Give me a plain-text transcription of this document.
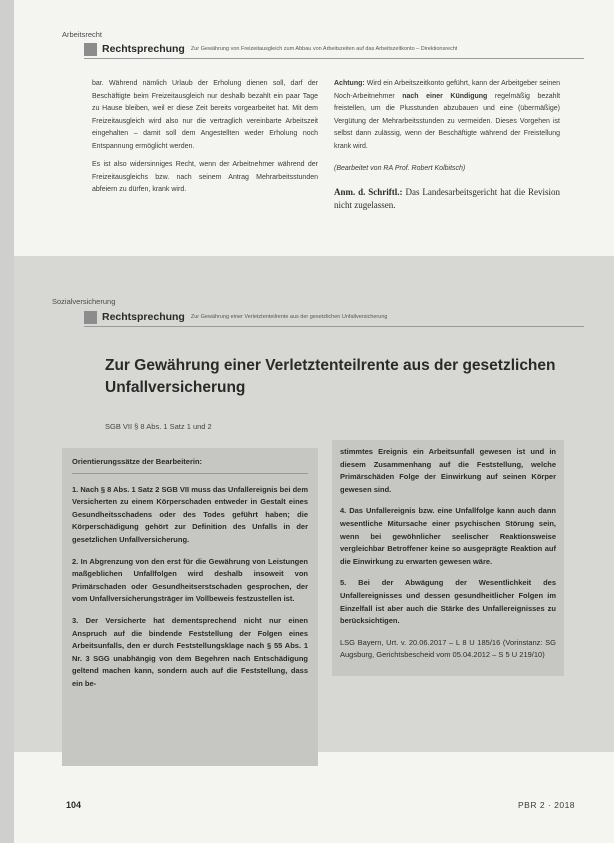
Arbeitsrecht
Rechtsprechung Zur Gewährung von Freizeitausgleich zum Abbau von Arbeitszeiten auf das Arbeitszeitkonto – Direktionsrecht

bar. Während nämlich Urlaub der Erholung dienen soll, darf der Beschäftigte beim Freizeitausgleich nur deshalb bezahlt ein paar Tage zu Hause bleiben, weil er diese Zeit bereits vorgearbeitet hat. Mit dem Freizeitausgleich wird also nur die vertraglich vereinbarte Arbeitszeit eingehalten – damit soll dem Angestellten weder Erholung noch Entspannung ermöglicht werden.

Es ist also widersinniges Recht, wenn der Arbeitnehmer während der Freizeitausgleichs bzw. nach seinem Antrag Mehrarbeitsstunden abfeiern zu dürfen, krank wird.

Achtung: Wird ein Arbeitszeitkonto geführt, kann der Arbeitgeber seinen Noch-Arbeitnehmer nach einer Kündigung regelmäßig bezahlt freistellen, um die Plusstunden abzubauen und eine (übermäßige) Vergütung der Mehrarbeitsstunden zu vermeiden. Dieses Vorgehen ist selbst dann zulässig, wenn der Beschäftigte während der Freistellung krank wird.

(Bearbeitet von RA Prof. Robert Kolbitsch)

Anm. d. Schriftl.: Das Landesarbeitsgericht hat die Revision nicht zugelassen.

Sozialversicherung
Rechtsprechung Zur Gewährung einer Verletztenteilrente aus der gesetzlichen Unfallversicherung
Zur Gewährung einer Verletztenteilrente aus der gesetzlichen Unfallversicherung
SGB VII § 8 Abs. 1 Satz 1 und 2
Orientierungssätze der Bearbeiterin:

1. Nach § 8 Abs. 1 Satz 2 SGB VII muss das Unfallereignis bei dem Versicherten zu einem Körperschaden entweder in Gestalt eines Gesundheitsschadens oder des Todes geführt haben; die Körperschädigung gehört zur Definition des Unfalls in der gesetzlichen Unfallversicherung.

2. In Abgrenzung von den erst für die Gewährung von Leistungen maßgeblichen Unfallfolgen wird deshalb insoweit von Primärschaden oder Gesundheitserstschaden gesprochen, der vom Unfallversicherungsträger im Vollbeweis festzustellen ist.

3. Der Versicherte hat dementsprechend nicht nur einen Anspruch auf die bindende Feststellung der Folgen eines Arbeitsunfalls, den er durch Feststellungsklage nach § 55 Abs. 1 Nr. 3 SGG unabhängig von dem Begehren nach Entschädigung geltend machen kann, sondern auch auf die Feststellung, dass ein be-

stimmtes Ereignis ein Arbeitsunfall gewesen ist und in diesem Zusammenhang auf die Feststellung, welche Primärschäden Folge der Einwirkung auf seinen Körper gewesen sind.

4. Das Unfallereignis bzw. eine Unfallfolge kann auch dann wesentliche Mitursache einer psychischen Störung sein, wenn bei gewöhnlicher seelischer Reaktionsweise vergleichbar Betroffener keine so ausgeprägte Reaktion auf die Einwirkung zu erwarten gewesen wäre.

5. Bei der Abwägung der Wesentlichkeit des Unfallereignisses und dessen gesundheitlicher Folgen im Einzelfall ist aber auch die Stärke des Unfallereignisses zu berücksichtigen.

LSG Bayern, Urt. v. 20.06.2017 – L 8 U 185/16 (Vorinstanz: SG Augsburg, Gerichtsbescheid vom 05.04.2012 – S 5 U 219/10)

104	PBR 2 · 2018
